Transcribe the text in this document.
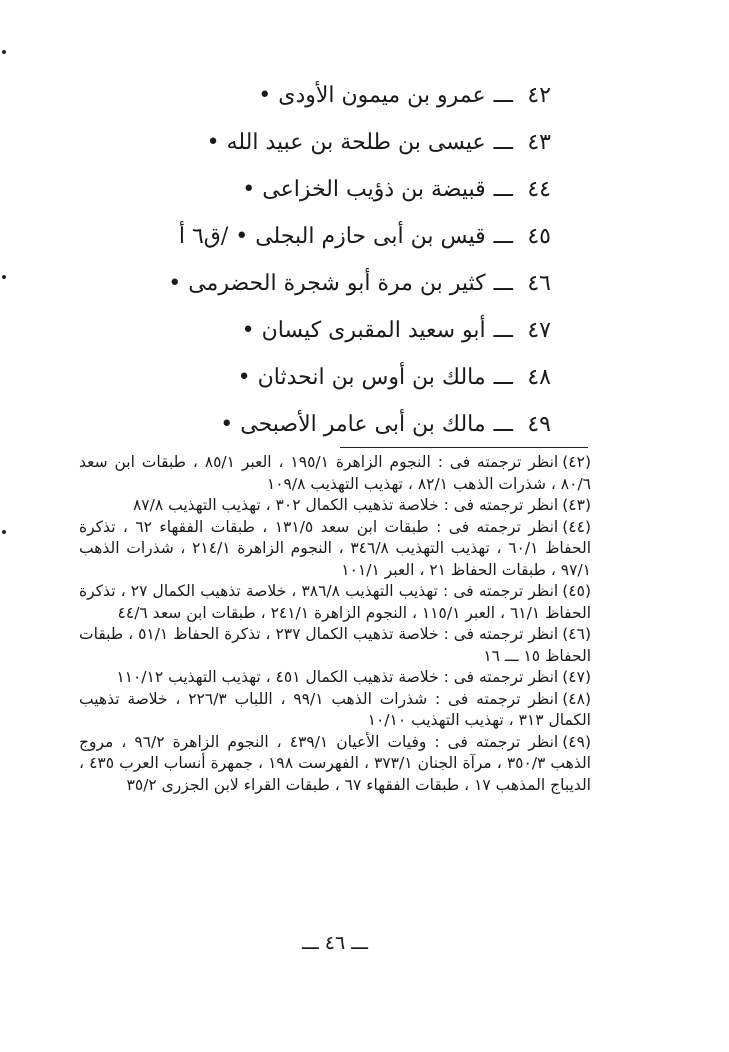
٤٢
ـــ
عمرو بن ميمون الأودى •
٤٣
ـــ
عيسى بن طلحة بن عبيد الله •
٤٤
ـــ
قبيضة بن ذؤيب الخزاعى •
٤٥
ـــ
قيس بن أبى حازم البجلى • /ق٦ أ
٤٦
ـــ
كثير بن مرة أبو شجرة الحضرمى •
٤٧
ـــ
أبو سعيد المقبرى كيسان •
٤٨
ـــ
مالك بن أوس بن انحدثان •
٤٩
ـــ
مالك بن أبى عامر الأصبحى •
(٤٢)انظر ترجمته فى : النجوم الزاهرة ١٩٥/١ ، العبر ٨٥/١ ، طبقات ابن سعد ٨٠/٦ ، شذرات الذهب ٨٢/١ ، تهذيب التهذيب ١٠٩/٨
(٤٣)انظر ترجمته فى : خلاصة تذهيب الكمال ٣٠٢ ، تهذيب التهذيب ٨٧/٨
(٤٤)انظر ترجمته فى : طبقات ابن سعد ١٣١/٥ ، طبقات الفقهاء ٦٢ ، تذكرة الحفاظ ٦٠/١ ، تهذيب التهذيب ٣٤٦/٨ ، النجوم الزاهرة ٢١٤/١ ، شذرات الذهب ٩٧/١ ، طبقات الحفاظ ٢١ ، العبر ١٠١/١
(٤٥)انظر ترجمته فى : تهذيب التهذيب ٣٨٦/٨ ، خلاصة تذهيب الكمال ٢٧ ، تذكرة الحفاظ ٦١/١ ، العبر ١١٥/١ ، النجوم الزاهرة ٢٤١/١ ، طبقات ابن سعد ٤٤/٦
(٤٦)انظر ترجمته فى : خلاصة تذهيب الكمال ٢٣٧ ، تذكرة الحفاظ ٥١/١ ، طبقات الحفاظ ١٥ ـــ ١٦
(٤٧)انظر ترجمته فى : خلاصة تذهيب الكمال ٤٥١ ، تهذيب التهذيب ١١٠/١٢
(٤٨)انظر ترجمته فى : شذرات الذهب ٩٩/١ ، اللباب ٢٢٦/٣ ، خلاصة تذهيب الكمال ٣١٣ ، تهذيب التهذيب ١٠/١٠
(٤٩)انظر ترجمته فى : وفيات الأعيان ٤٣٩/١ ، النجوم الزاهرة ٩٦/٢ ، مروج الذهب ٣٥٠/٣ ، مرآة الجنان ٣٧٣/١ ، الفهرست ١٩٨ ، جمهرة أنساب العرب ٤٣٥ ، الديباج المذهب ١٧ ، طبقات الفقهاء ٦٧ ، طبقات القراء لابن الجزرى ٣٥/٢
ـــ ٤٦ ـــ
